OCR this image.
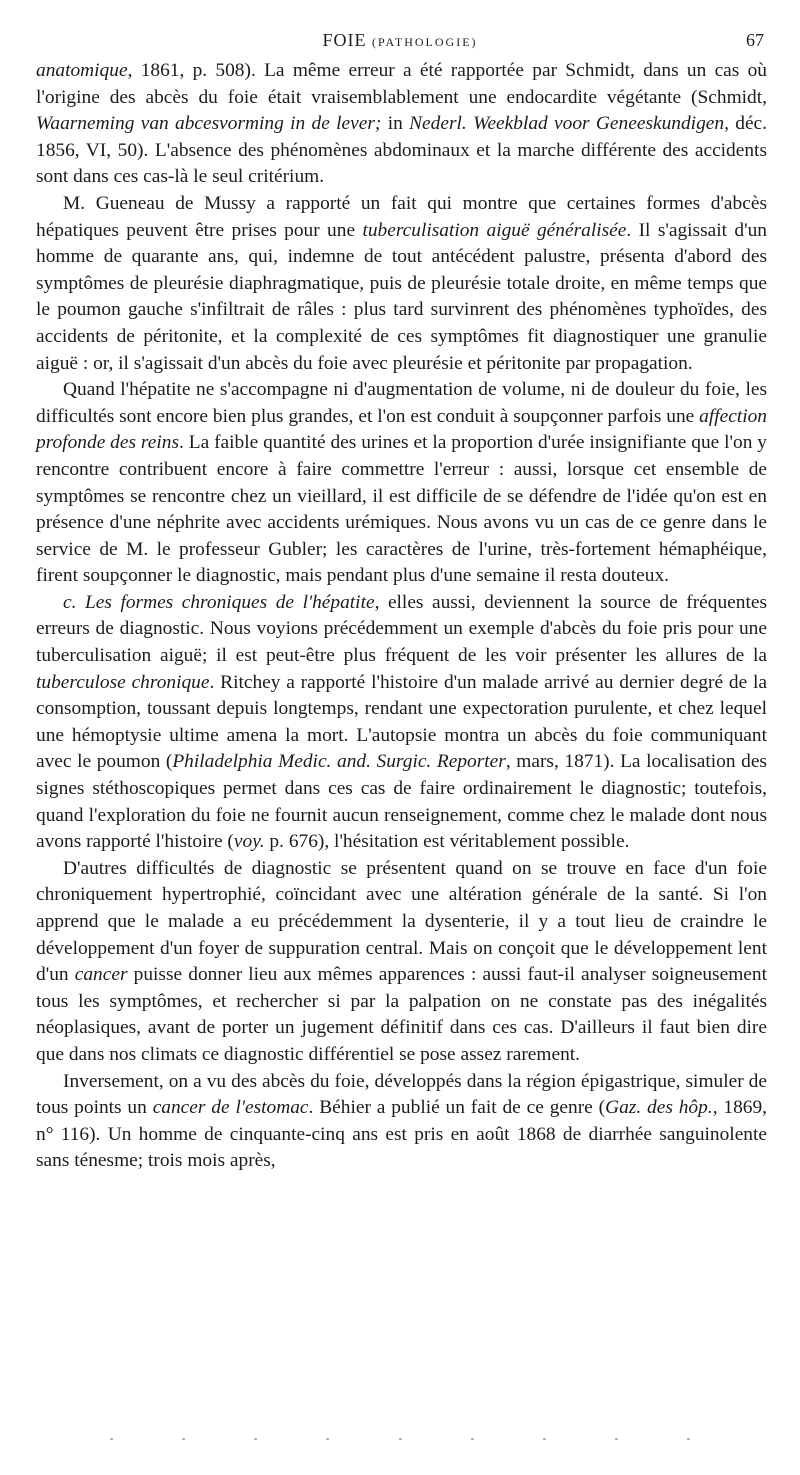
FOIE (PATHOLOGIE)	67

anatomique, 1861, p. 508). La même erreur a été rapportée par Schmidt, dans un cas où l'origine des abcès du foie était vraisemblablement une endocardite végétante (Schmidt, Waarneming van abcesvorming in de lever; in Nederl. Weekblad voor Geneeskundigen, déc. 1856, VI, 50). L'absence des phénomènes abdominaux et la marche différente des accidents sont dans ces cas-là le seul critérium.

M. Gueneau de Mussy a rapporté un fait qui montre que certaines formes d'abcès hépatiques peuvent être prises pour une tuberculisation aiguë généralisée. Il s'agissait d'un homme de quarante ans, qui, indemne de tout antécédent palustre, présenta d'abord des symptômes de pleurésie diaphragmatique, puis de pleurésie totale droite, en même temps que le poumon gauche s'infiltrait de râles : plus tard survinrent des phénomènes typhoïdes, des accidents de péritonite, et la complexité de ces symptômes fit diagnostiquer une granulie aiguë : or, il s'agissait d'un abcès du foie avec pleurésie et péritonite par propagation.

Quand l'hépatite ne s'accompagne ni d'augmentation de volume, ni de douleur du foie, les difficultés sont encore bien plus grandes, et l'on est conduit à soupçonner parfois une affection profonde des reins. La faible quantité des urines et la proportion d'urée insignifiante que l'on y rencontre contribuent encore à faire commettre l'erreur : aussi, lorsque cet ensemble de symptômes se rencontre chez un vieillard, il est difficile de se défendre de l'idée qu'on est en présence d'une néphrite avec accidents urémiques. Nous avons vu un cas de ce genre dans le service de M. le professeur Gubler; les caractères de l'urine, très-fortement hémaphéique, firent soupçonner le diagnostic, mais pendant plus d'une semaine il resta douteux.

c. Les formes chroniques de l'hépatite, elles aussi, deviennent la source de fréquentes erreurs de diagnostic. Nous voyions précédemment un exemple d'abcès du foie pris pour une tuberculisation aiguë; il est peut-être plus fréquent de les voir présenter les allures de la tuberculose chronique. Ritchey a rapporté l'histoire d'un malade arrivé au dernier degré de la consomption, toussant depuis longtemps, rendant une expectoration purulente, et chez lequel une hémoptysie ultime amena la mort. L'autopsie montra un abcès du foie communiquant avec le poumon (Philadelphia Medic. and. Surgic. Reporter, mars, 1871). La localisation des signes stéthoscopiques permet dans ces cas de faire ordinairement le diagnostic; toutefois, quand l'exploration du foie ne fournit aucun renseignement, comme chez le malade dont nous avons rapporté l'histoire (voy. p. 676), l'hésitation est véritablement possible.

D'autres difficultés de diagnostic se présentent quand on se trouve en face d'un foie chroniquement hypertrophié, coïncidant avec une altération générale de la santé. Si l'on apprend que le malade a eu précédemment la dysenterie, il y a tout lieu de craindre le développement d'un foyer de suppuration central. Mais on conçoit que le développement lent d'un cancer puisse donner lieu aux mêmes apparences : aussi faut-il analyser soigneusement tous les symptômes, et rechercher si par la palpation on ne constate pas des inégalités néoplasiques, avant de porter un jugement définitif dans ces cas. D'ailleurs il faut bien dire que dans nos climats ce diagnostic différentiel se pose assez rarement.

Inversement, on a vu des abcès du foie, développés dans la région épigastrique, simuler de tous points un cancer de l'estomac. Béhier a publié un fait de ce genre (Gaz. des hôp., 1869, n° 116). Un homme de cinquante-cinq ans est pris en août 1868 de diarrhée sanguinolente sans ténesme; trois mois après,
